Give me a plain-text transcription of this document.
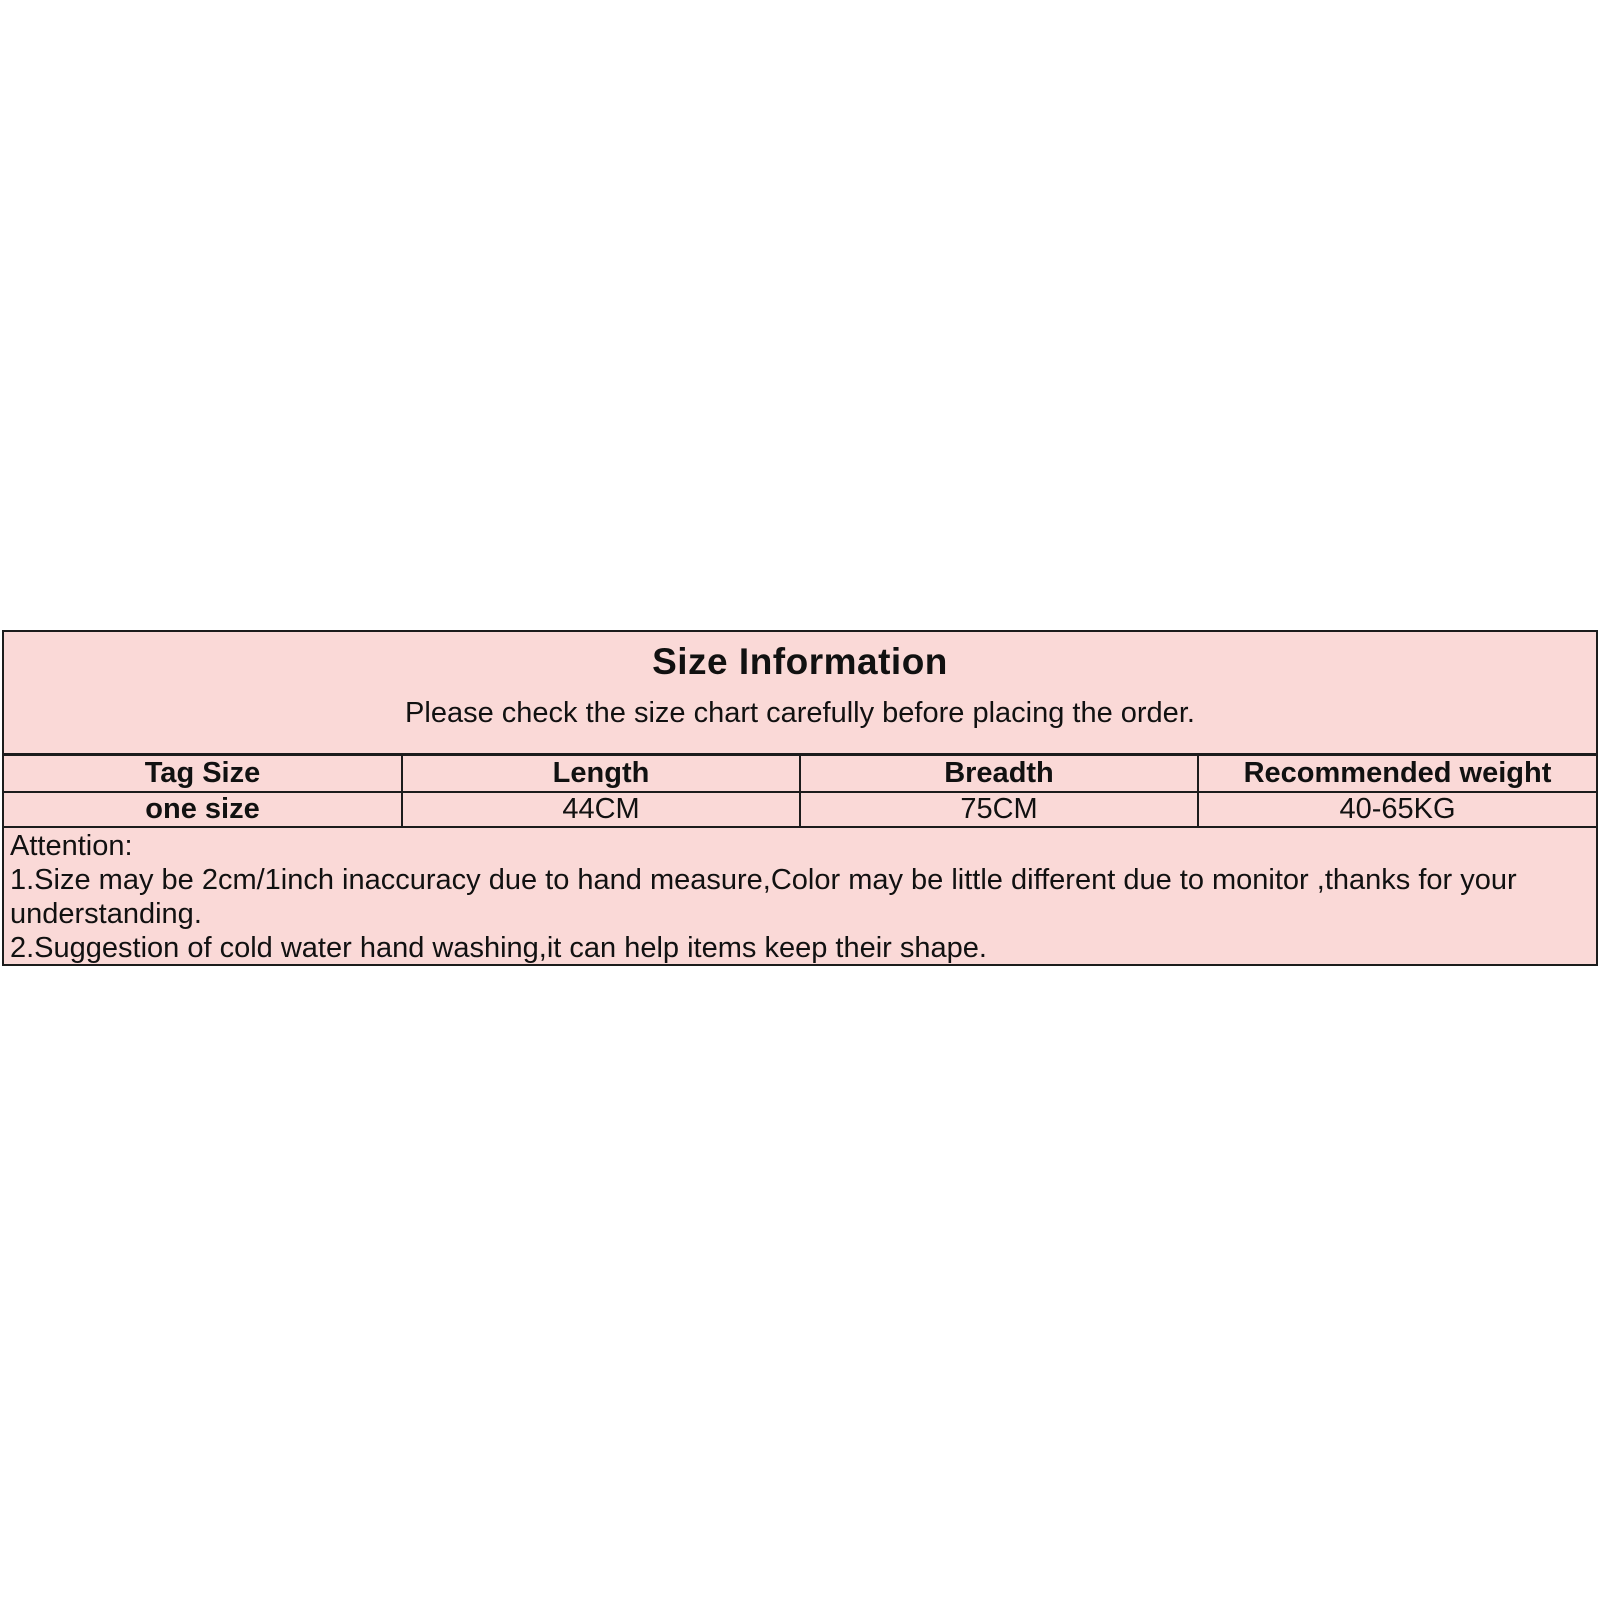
Size Information
Please check the size chart carefully before placing the order.
Tag Size	Length	Breadth	Recommended weight
one size	44CM	75CM	40-65KG

Attention:

1.Size may be 2cm/1inch inaccuracy due to hand measure,Color may be little different due to monitor ,thanks for your understanding.

2.Suggestion of cold water hand washing,it can help items keep their shape.
